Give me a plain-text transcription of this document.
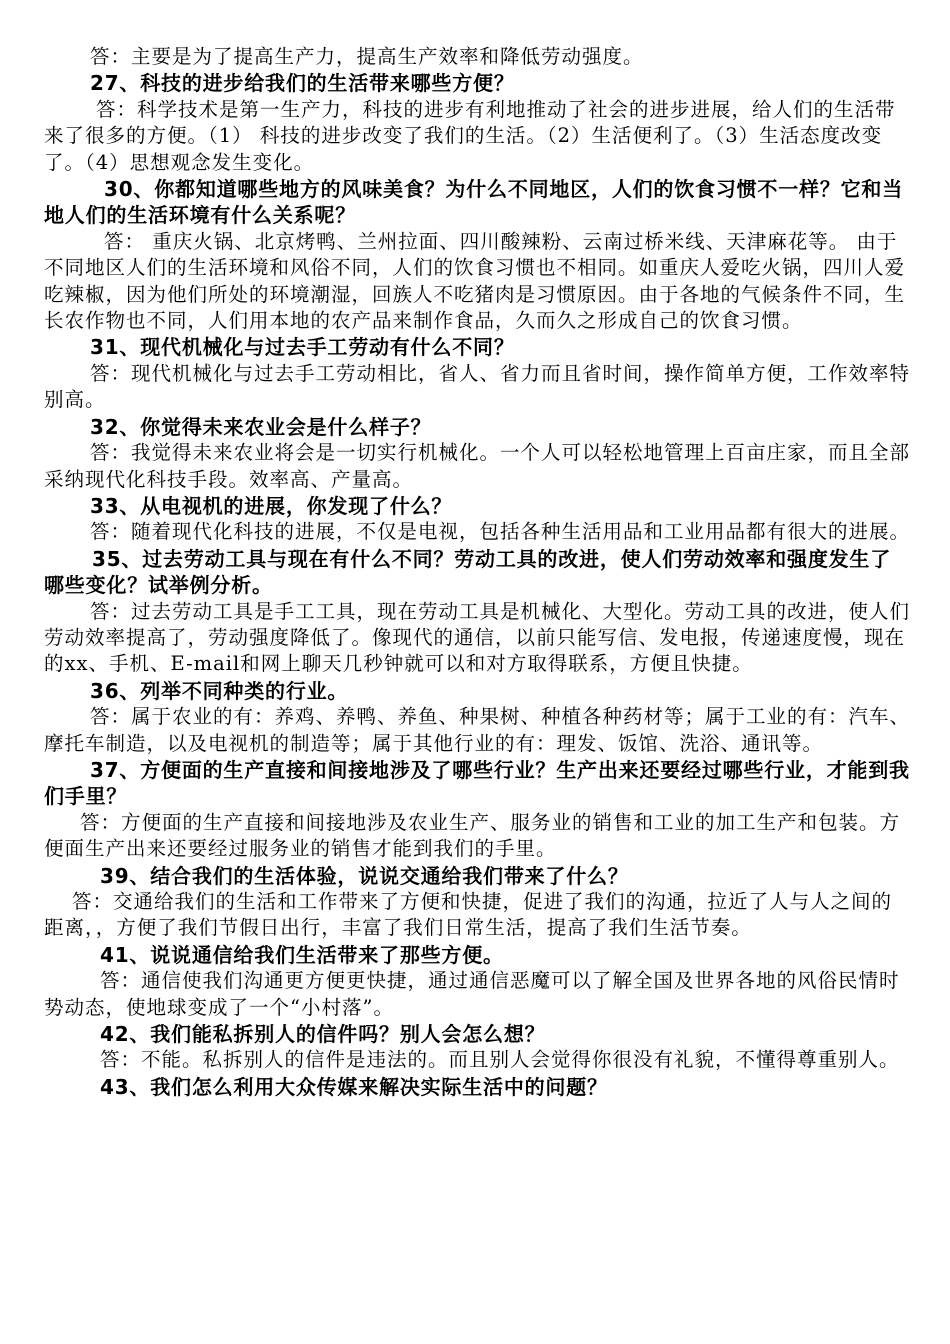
答：主要是为了提高生产力，提高生产效率和降低劳动强度。

27、科技的进步给我们的生活带来哪些方便？

答：科学技术是第一生产力，科技的进步有利地推动了社会的进步进展，给人们的生活带来了很多的方便。（1） 科技的进步改变了我们的生活。（2）生活便利了。（3）生活态度改变了。（4）思想观念发生变化。

30、你都知道哪些地方的风味美食？为什么不同地区，人们的饮食习惯不一样？它和当地人们的生活环境有什么关系呢？

答： 重庆火锅、北京烤鸭、兰州拉面、四川酸辣粉、云南过桥米线、天津麻花等。 由于不同地区人们的生活环境和风俗不同，人们的饮食习惯也不相同。如重庆人爱吃火锅，四川人爱吃辣椒，因为他们所处的环境潮湿，回族人不吃猪肉是习惯原因。由于各地的气候条件不同，生长农作物也不同，人们用本地的农产品来制作食品，久而久之形成自己的饮食习惯。

31、现代机械化与过去手工劳动有什么不同？

答：现代机械化与过去手工劳动相比，省人、省力而且省时间，操作简单方便，工作效率特别高。

32、你觉得未来农业会是什么样子？

答：我觉得未来农业将会是一切实行机械化。一个人可以轻松地管理上百亩庄家，而且全部采纳现代化科技手段。效率高、产量高。

33、从电视机的进展，你发现了什么？

答：随着现代化科技的进展，不仅是电视，包括各种生活用品和工业用品都有很大的进展。

35、过去劳动工具与现在有什么不同？劳动工具的改进，使人们劳动效率和强度发生了哪些变化？试举例分析。

答：过去劳动工具是手工工具，现在劳动工具是机械化、大型化。劳动工具的改进，使人们劳动效率提高了，劳动强度降低了。像现代的通信，以前只能写信、发电报，传递速度慢，现在的xx、手机、E-mail和网上聊天几秒钟就可以和对方取得联系，方便且快捷。

36、列举不同种类的行业。

答：属于农业的有：养鸡、养鸭、养鱼、种果树、种植各种药材等；属于工业的有：汽车、摩托车制造，以及电视机的制造等；属于其他行业的有：理发、饭馆、洗浴、通讯等。

37、方便面的生产直接和间接地涉及了哪些行业？生产出来还要经过哪些行业，才能到我们手里？

答：方便面的生产直接和间接地涉及农业生产、服务业的销售和工业的加工生产和包装。方便面生产出来还要经过服务业的销售才能到我们的手里。

39、结合我们的生活体验，说说交通给我们带来了什么？

答：交通给我们的生活和工作带来了方便和快捷，促进了我们的沟通，拉近了人与人之间的距离，，方便了我们节假日出行，丰富了我们日常生活，提高了我们生活节奏。

41、说说通信给我们生活带来了那些方便。

答：通信使我们沟通更方便更快捷，通过通信恶魔可以了解全国及世界各地的风俗民情时势动态，使地球变成了一个“小村落”。

42、我们能私拆别人的信件吗？别人会怎么想？

答：不能。私拆别人的信件是违法的。而且别人会觉得你很没有礼貌，不懂得尊重别人。

43、我们怎么利用大众传媒来解决实际生活中的问题？
